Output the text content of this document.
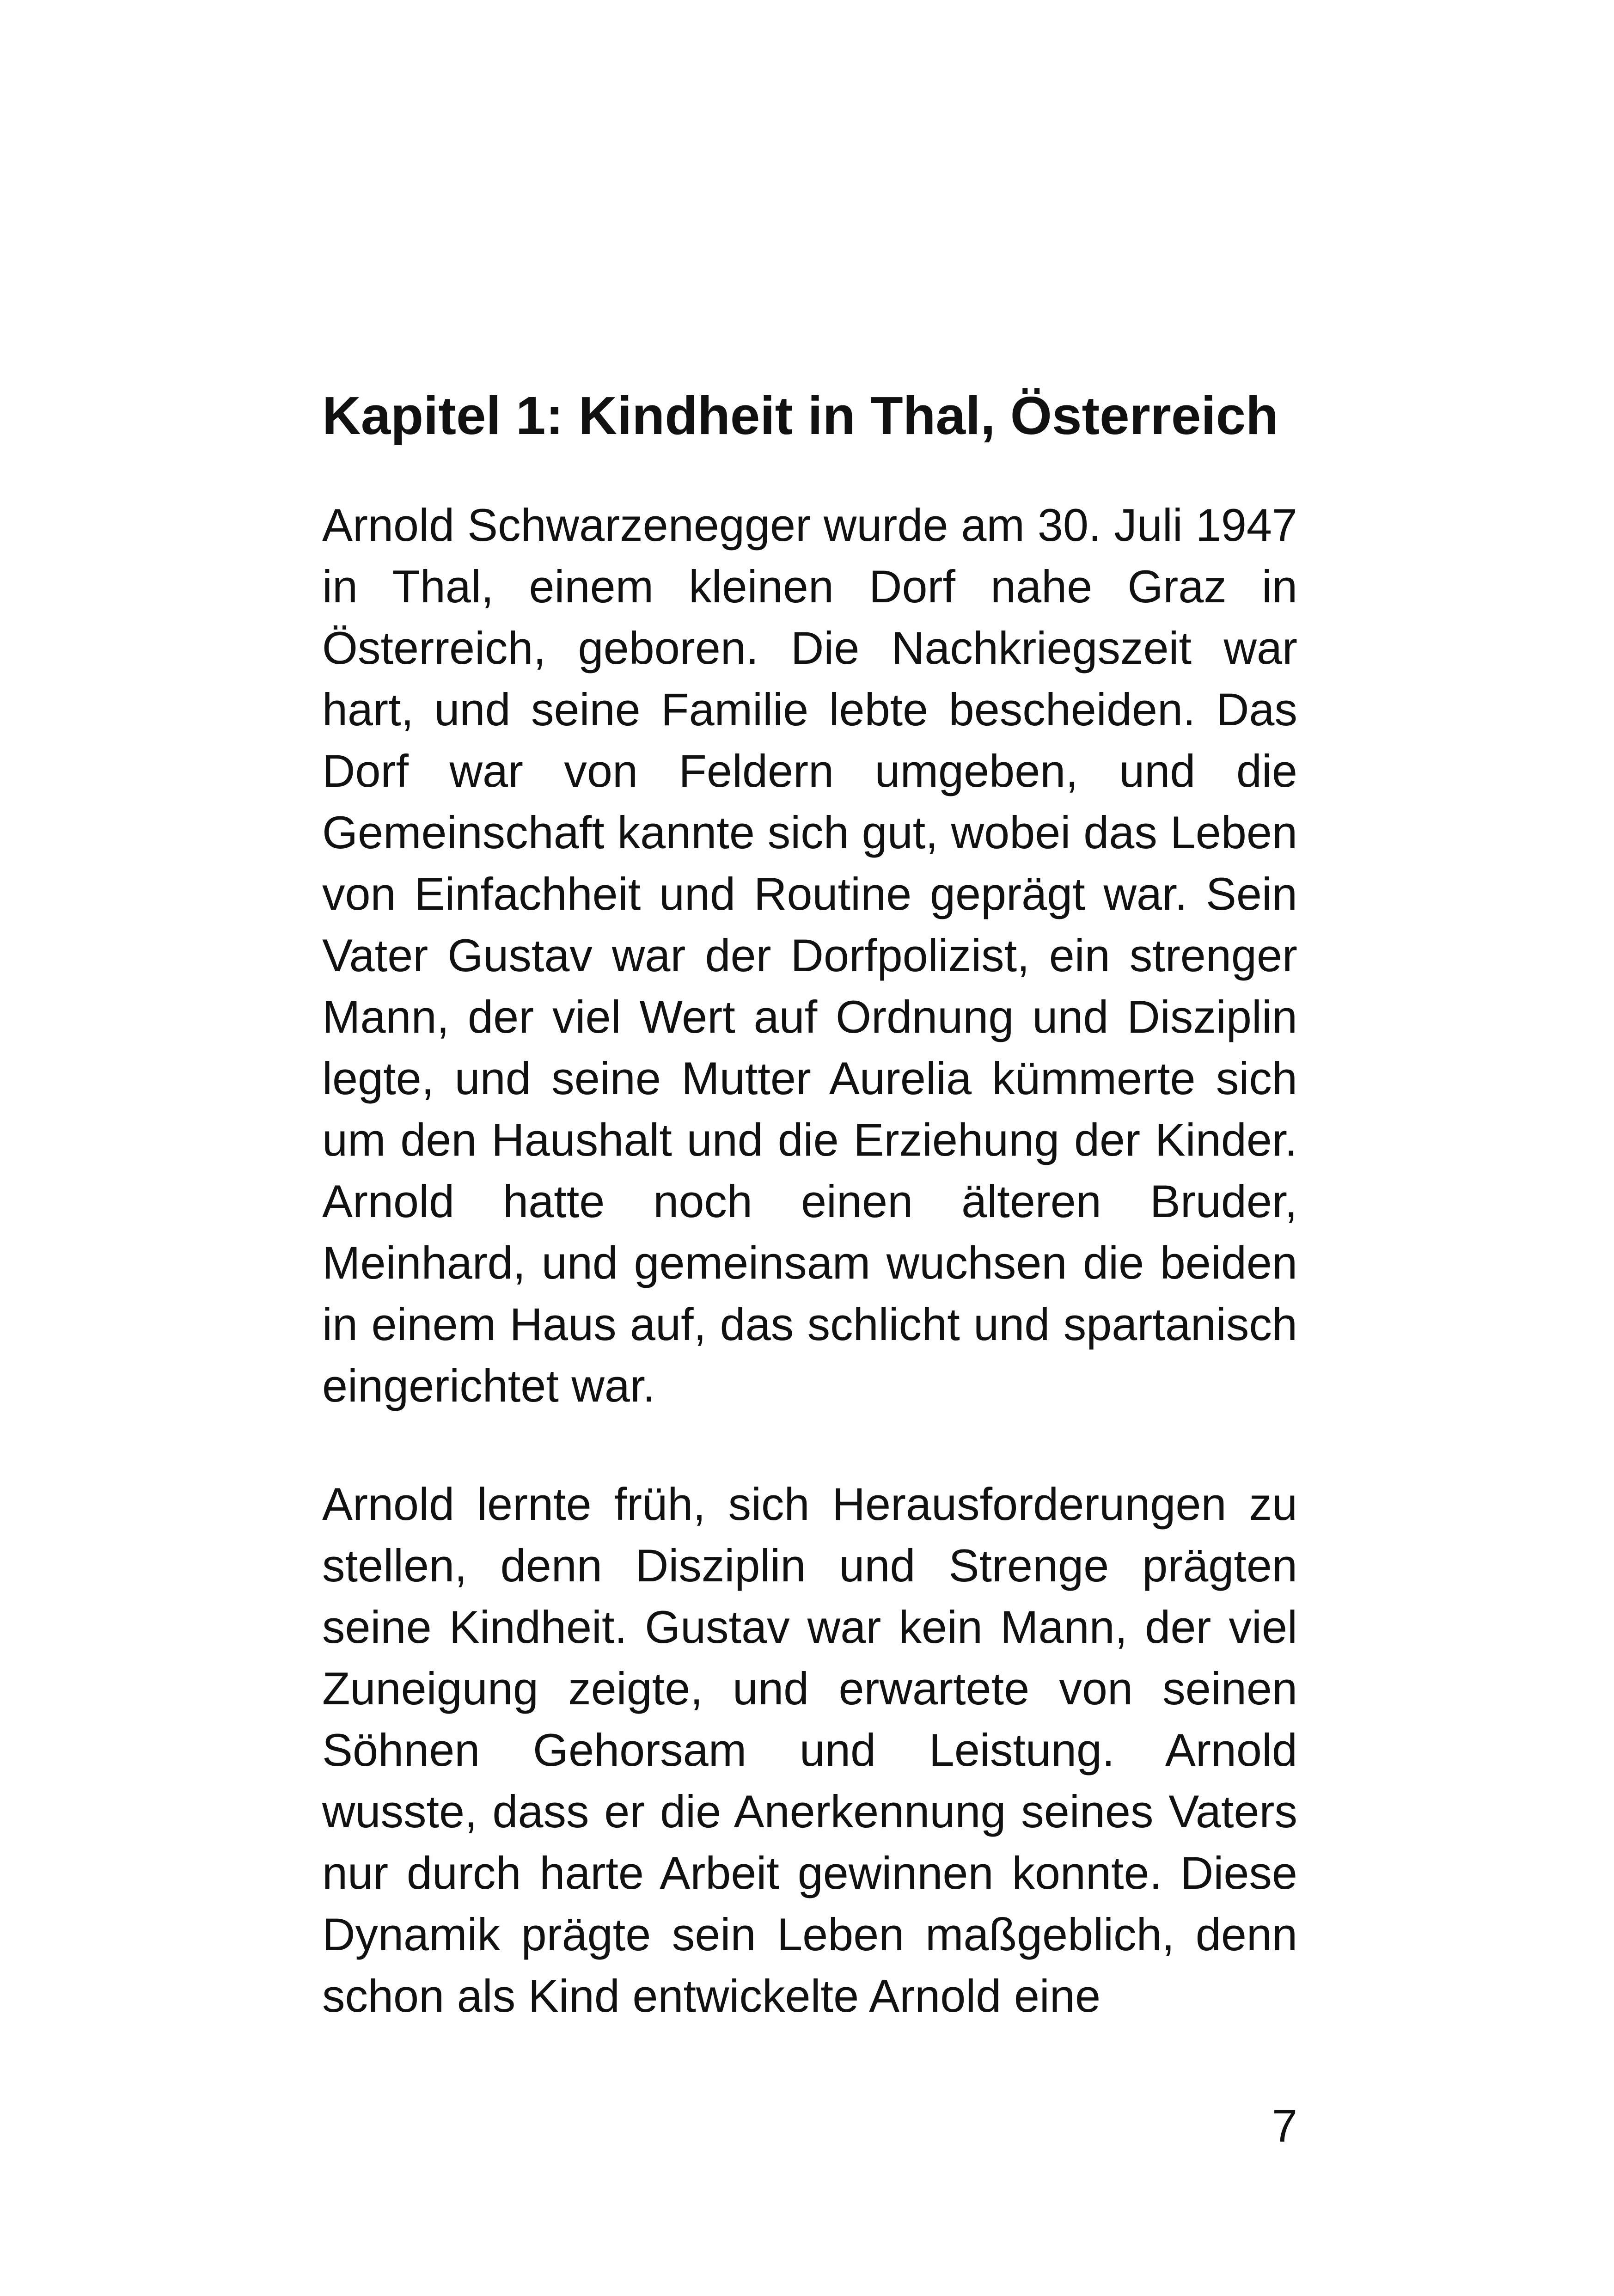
Kapitel 1: Kindheit in Thal, Österreich

Arnold Schwarzenegger wurde am 30. Juli 1947 in Thal, einem kleinen Dorf nahe Graz in Österreich, geboren. Die Nachkriegszeit war hart, und seine Familie lebte bescheiden. Das Dorf war von Feldern umgeben, und die Gemeinschaft kannte sich gut, wobei das Leben von Einfachheit und Routine geprägt war. Sein Vater Gustav war der Dorfpolizist, ein strenger Mann, der viel Wert auf Ordnung und Disziplin legte, und seine Mutter Aurelia kümmerte sich um den Haushalt und die Erziehung der Kinder. Arnold hatte noch einen älteren Bruder, Meinhard, und gemeinsam wuchsen die beiden in einem Haus auf, das schlicht und spartanisch eingerichtet war.

Arnold lernte früh, sich Herausforderungen zu stellen, denn Disziplin und Strenge prägten seine Kindheit. Gustav war kein Mann, der viel Zuneigung zeigte, und erwartete von seinen Söhnen Gehorsam und Leistung. Arnold wusste, dass er die Anerkennung seines Vaters nur durch harte Arbeit gewinnen konnte. Diese Dynamik prägte sein Leben maßgeblich, denn schon als Kind entwickelte Arnold eine

7
